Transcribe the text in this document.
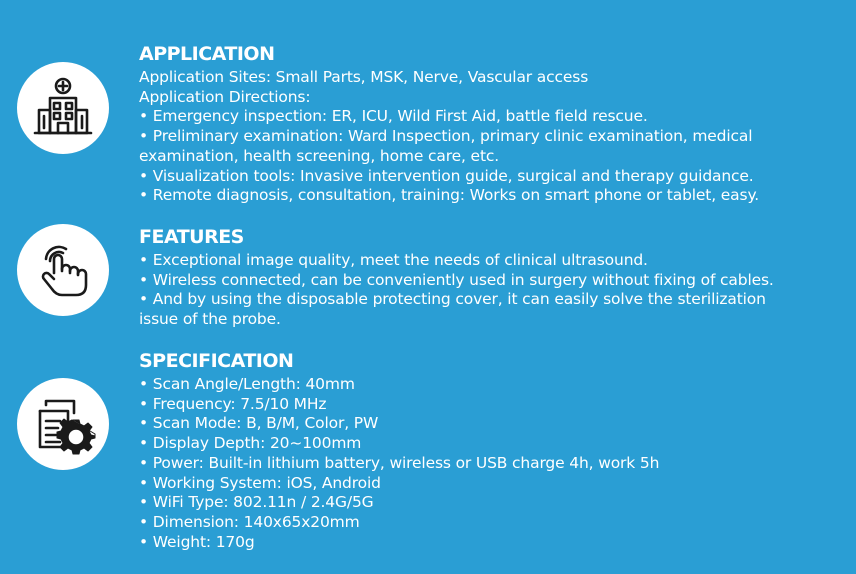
APPLICATION
Application Sites: Small Parts, MSK, Nerve, Vascular access
Application Directions:
• Emergency inspection: ER, ICU, Wild First Aid, battle field rescue.
• Preliminary examination: Ward Inspection, primary clinic examination, medical
examination, health screening, home care, etc.
• Visualization tools: Invasive intervention guide, surgical and therapy guidance.
• Remote diagnosis, consultation, training: Works on smart phone or tablet, easy.
FEATURES
• Exceptional image quality, meet the needs of clinical ultrasound.
• Wireless connected, can be conveniently used in surgery without fixing of cables.
• And by using the disposable protecting cover, it can easily solve the sterilization
issue of the probe.
SPECIFICATION
• Scan Angle/Length: 40mm
• Frequency: 7.5/10 MHz
• Scan Mode: B, B/M, Color, PW
• Display Depth: 20~100mm
• Power: Built-in lithium battery, wireless or USB charge 4h, work 5h
• Working System: iOS, Android
• WiFi Type: 802.11n / 2.4G/5G
• Dimension: 140x65x20mm
• Weight: 170g
